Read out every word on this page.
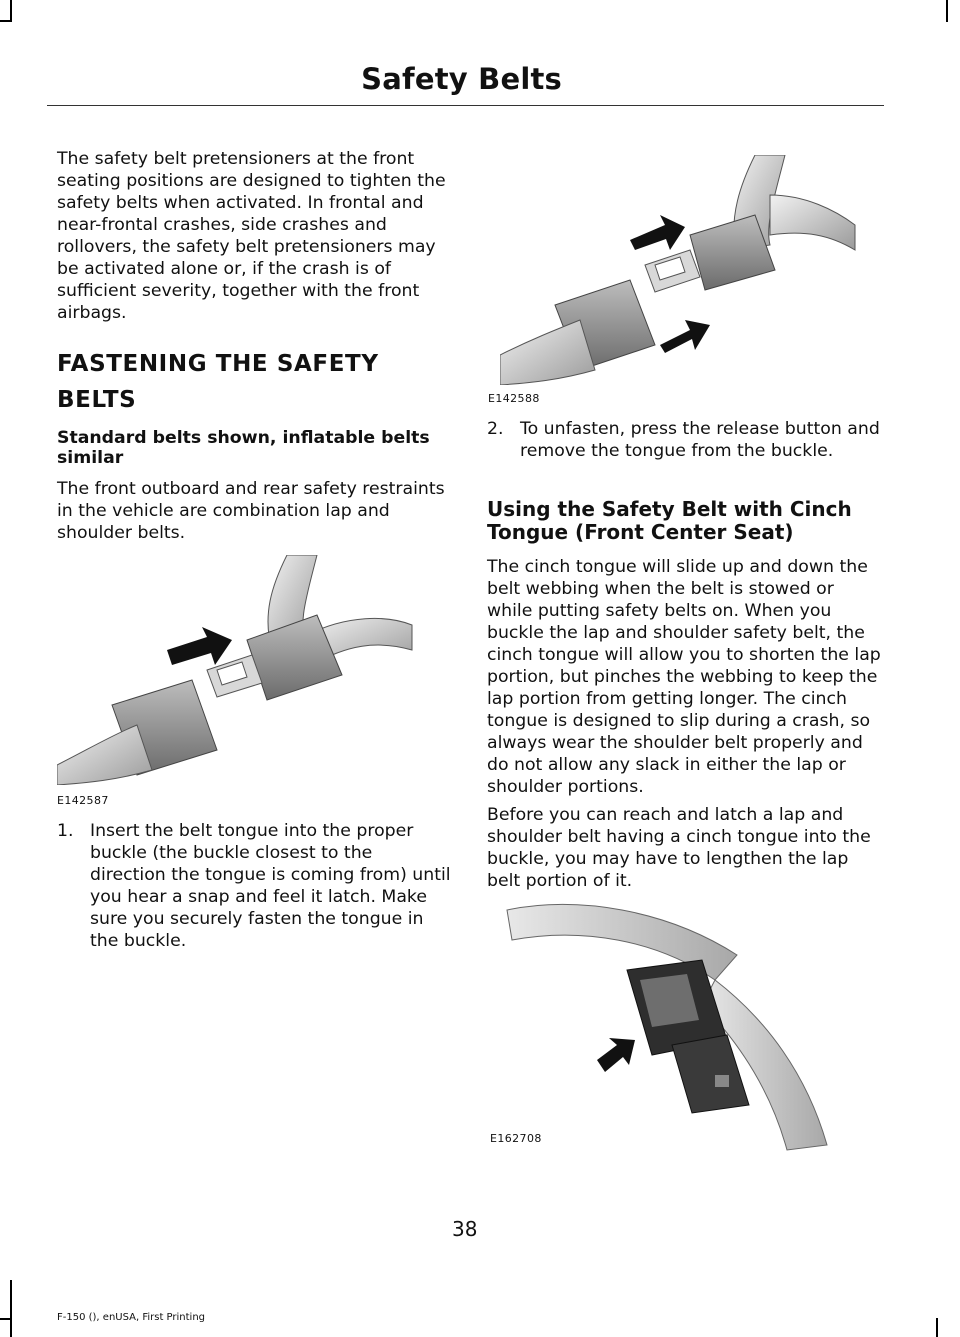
Safety Belts

The safety belt pretensioners at the front seating positions are designed to tighten the safety belts when activated. In frontal and near-frontal crashes, side crashes and rollovers, the safety belt pretensioners may be activated alone or, if the crash is of sufficient severity, together with the front airbags.

FASTENING THE SAFETY BELTS

Standard belts shown, inflatable belts similar

The front outboard and rear safety restraints in the vehicle are combination lap and shoulder belts.

E142587
1. Insert the belt tongue into the proper buckle (the buckle closest to the direction the tongue is coming from) until you hear a snap and feel it latch. Make sure you securely fasten the tongue in the buckle.
E142588
2. To unfasten, press the release button and remove the tongue from the buckle.
Using the Safety Belt with Cinch Tongue (Front Center Seat)

The cinch tongue will slide up and down the belt webbing when the belt is stowed or while putting safety belts on. When you buckle the lap and shoulder safety belt, the cinch tongue will allow you to shorten the lap portion, but pinches the webbing to keep the lap portion from getting longer. The cinch tongue is designed to slip during a crash, so always wear the shoulder belt properly and do not allow any slack in either the lap or shoulder portions.

Before you can reach and latch a lap and shoulder belt having a cinch tongue into the buckle, you may have to lengthen the lap belt portion of it.

E162708
38
F-150 (), enUSA, First Printing
